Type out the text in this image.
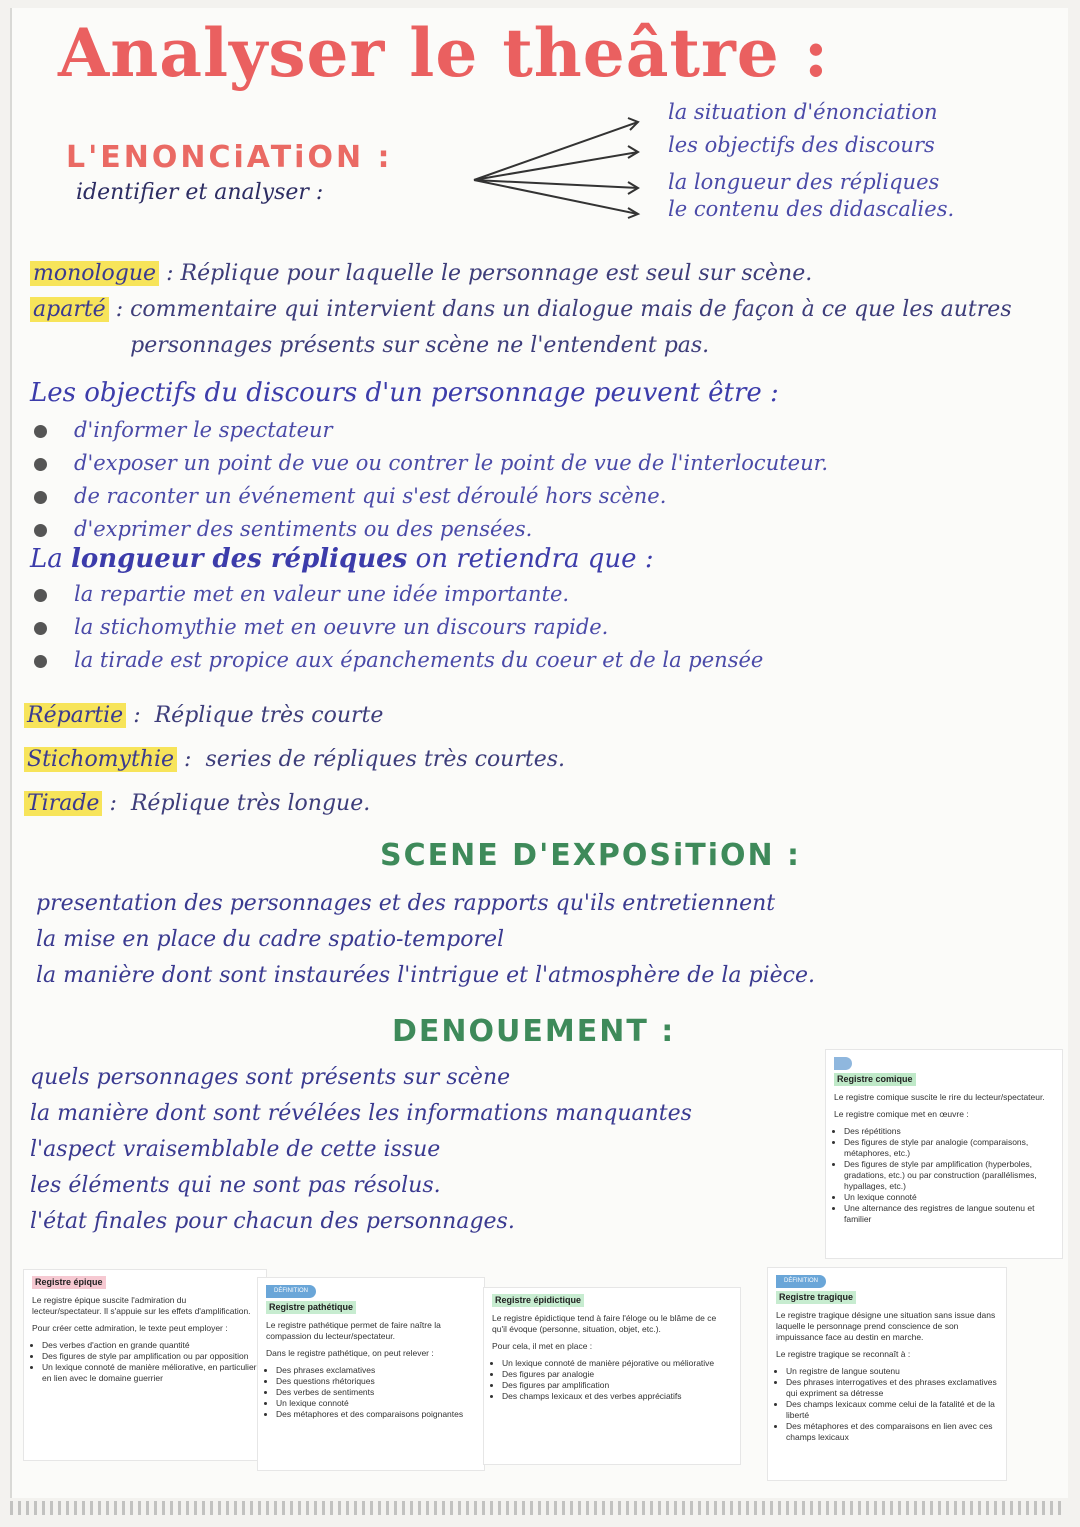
Analyser le theâtre :
L'ENONCiATiON :
identifier et analyser :
la situation d'énonciation
les objectifs des discours
la longueur des répliques
le contenu des didascalies.
monologue : Réplique pour laquelle le personnage est seul sur scène.
aparté : commentaire qui intervient dans un dialogue mais de façon à ce que les autres personnages présents sur scène ne l'entendent pas.
Les objectifs du discours d'un personnage peuvent être :
d'informer le spectateur
d'exposer un point de vue ou contrer le point de vue de l'interlocuteur.
de raconter un événement qui s'est déroulé hors scène.
d'exprimer des sentiments ou des pensées.
La longueur des répliques on retiendra que :
la repartie met en valeur une idée importante.
la stichomythie met en oeuvre un discours rapide.
la tirade est propice aux épanchements du coeur et de la pensée
Répartie :  Réplique très courte
Stichomythie :  series de répliques très courtes.
Tirade :  Réplique très longue.
SCENE D'EXPOSiTiON :
presentation des personnages et des rapports qu'ils entretiennent
la mise en place du cadre spatio-temporel
la manière dont sont instaurées l'intrigue et l'atmosphère de la pièce.
DENOUEMENT :
quels personnages sont présents sur scène
la manière dont sont révélées les informations manquantes
l'aspect vraisemblable de cette issue
les éléments qui ne sont pas résolus.
l'état finales pour chacun des personnages.

Registre comique

Le registre comique suscite le rire du lecteur/spectateur.

Le registre comique met en œuvre :

• Des répétitions
• Des figures de style par analogie (comparaisons, métaphores, etc.)
• Des figures de style par amplification (hyperboles, gradations, etc.) ou par construction (parallélismes, hypallages, etc.)
• Un lexique connoté
• Une alternance des registres de langue soutenu et familier
Registre épique

Le registre épique suscite l'admiration du lecteur/spectateur. Il s'appuie sur les effets d'amplification.

Pour créer cette admiration, le texte peut employer :

• Des verbes d'action en grande quantité
• Des figures de style par amplification ou par opposition
• Un lexique connoté de manière méliorative, en particulier en lien avec le domaine guerrier
DÉFINITION
Registre pathétique

Le registre pathétique permet de faire naître la compassion du lecteur/spectateur.

Dans le registre pathétique, on peut relever :

• Des phrases exclamatives
• Des questions rhétoriques
• Des verbes de sentiments
• Un lexique connoté
• Des métaphores et des comparaisons poignantes
Registre épidictique

Le registre épidictique tend à faire l'éloge ou le blâme de ce qu'il évoque (personne, situation, objet, etc.).

Pour cela, il met en place :

• Un lexique connoté de manière péjorative ou méliorative
• Des figures par analogie
• Des figures par amplification
• Des champs lexicaux et des verbes appréciatifs
DÉFINITION
Registre tragique

Le registre tragique désigne une situation sans issue dans laquelle le personnage prend conscience de son impuissance face au destin en marche.

Le registre tragique se reconnaît à :

• Un registre de langue soutenu
• Des phrases interrogatives et des phrases exclamatives qui expriment sa détresse
• Des champs lexicaux comme celui de la fatalité et de la liberté
• Des métaphores et des comparaisons en lien avec ces champs lexicaux
